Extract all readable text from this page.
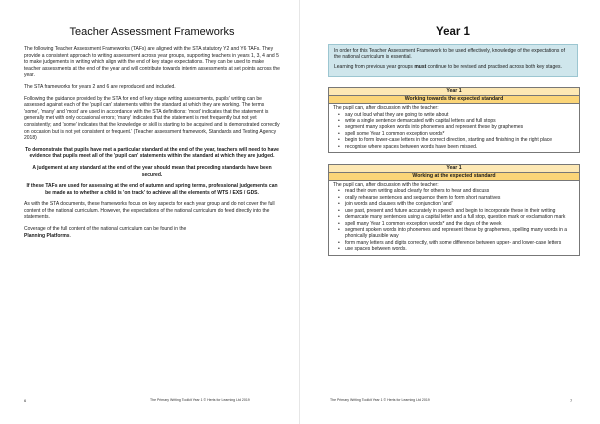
Teacher Assessment Frameworks

The following Teacher Assessment Frameworks (TAFs) are aligned with the STA statutory Y2 and Y6 TAFs. They provide a consistent approach to writing assessment across year groups, supporting teachers in years 1, 3, 4 and 5 to make judgements in writing which align with the end of key stage expectations. They can be used to make teacher assessments at the end of the year and will contribute towards interim assessments at set points across the year.

The STA frameworks for years 2 and 6 are reproduced and included.

Following the guidance provided by the STA for end of key stage writing assessments, pupils' writing can be assessed against each of the 'pupil can' statements within the standard at which they are working. The terms 'some', 'many' and 'most' are used in accordance with the STA definitions: 'most' indicates that the statement is generally met with only occasional errors; 'many' indicates that the statement is met frequently but not yet consistently; and 'some' indicates that the knowledge or skill is starting to be acquired and is demonstrated correctly on occasion but is not yet consistent or frequent.' (Teacher assessment framework, Standards and Testing Agency 2018)

To demonstrate that pupils have met a particular standard at the end of the year, teachers will need to have evidence that pupils meet all of the 'pupil can' statements within the standard at which they are judged.

A judgement at any standard at the end of the year should mean that preceding standards have been secured.

If these TAFs are used for assessing at the end of autumn and spring terms, professional judgements can be made as to whether a child is 'on track' to achieve all the elements of WTS / EXS / GDS.

As with the STA documents, these frameworks focus on key aspects for each year group and do not cover the full content of the national curriculum. However, the expectations of the national curriculum do feed directly into the statements.

Coverage of the full content of the national curriculum can be found in the
Planning Platforms.

6	The Primary Writing Toolkit Year 1 © Herts for Learning Ltd 2019
Year 1

In order for this Teacher Assessment Framework to be used effectively, knowledge of the expectations of the national curriculum is essential.

Learning from previous year groups must continue to be revised and practised across both key stages.

Year 1
Working towards the expected standard
The pupil can, after discussion with the teacher:
• say out loud what they are going to write about
• write a single sentence demarcated with capital letters and full stops
• segment many spoken words into phonemes and represent these by graphemes
• spell some Year 1 common exception words*
• begin to form lower-case letters in the correct direction, starting and finishing in the right place
• recognise where spaces between words have been missed.
Year 1
Working at the expected standard
The pupil can, after discussion with the teacher:
• read their own writing aloud clearly for others to hear and discuss
• orally rehearse sentences and sequence them to form short narratives
• join words and clauses with the conjunction 'and'
• use past, present and future accurately in speech and begin to incorporate these in their writing
• demarcate many sentences using a capital letter and a full stop, question mark or exclamation mark
• spell many Year 1 common exception words* and the days of the week
• segment spoken words into phonemes and represent these by graphemes, spelling many words in a phonically plausible way
• form many letters and digits correctly, with some difference between upper- and lower-case letters
• use spaces between words.
The Primary Writing Toolkit Year 1 © Herts for Learning Ltd 2019	7
